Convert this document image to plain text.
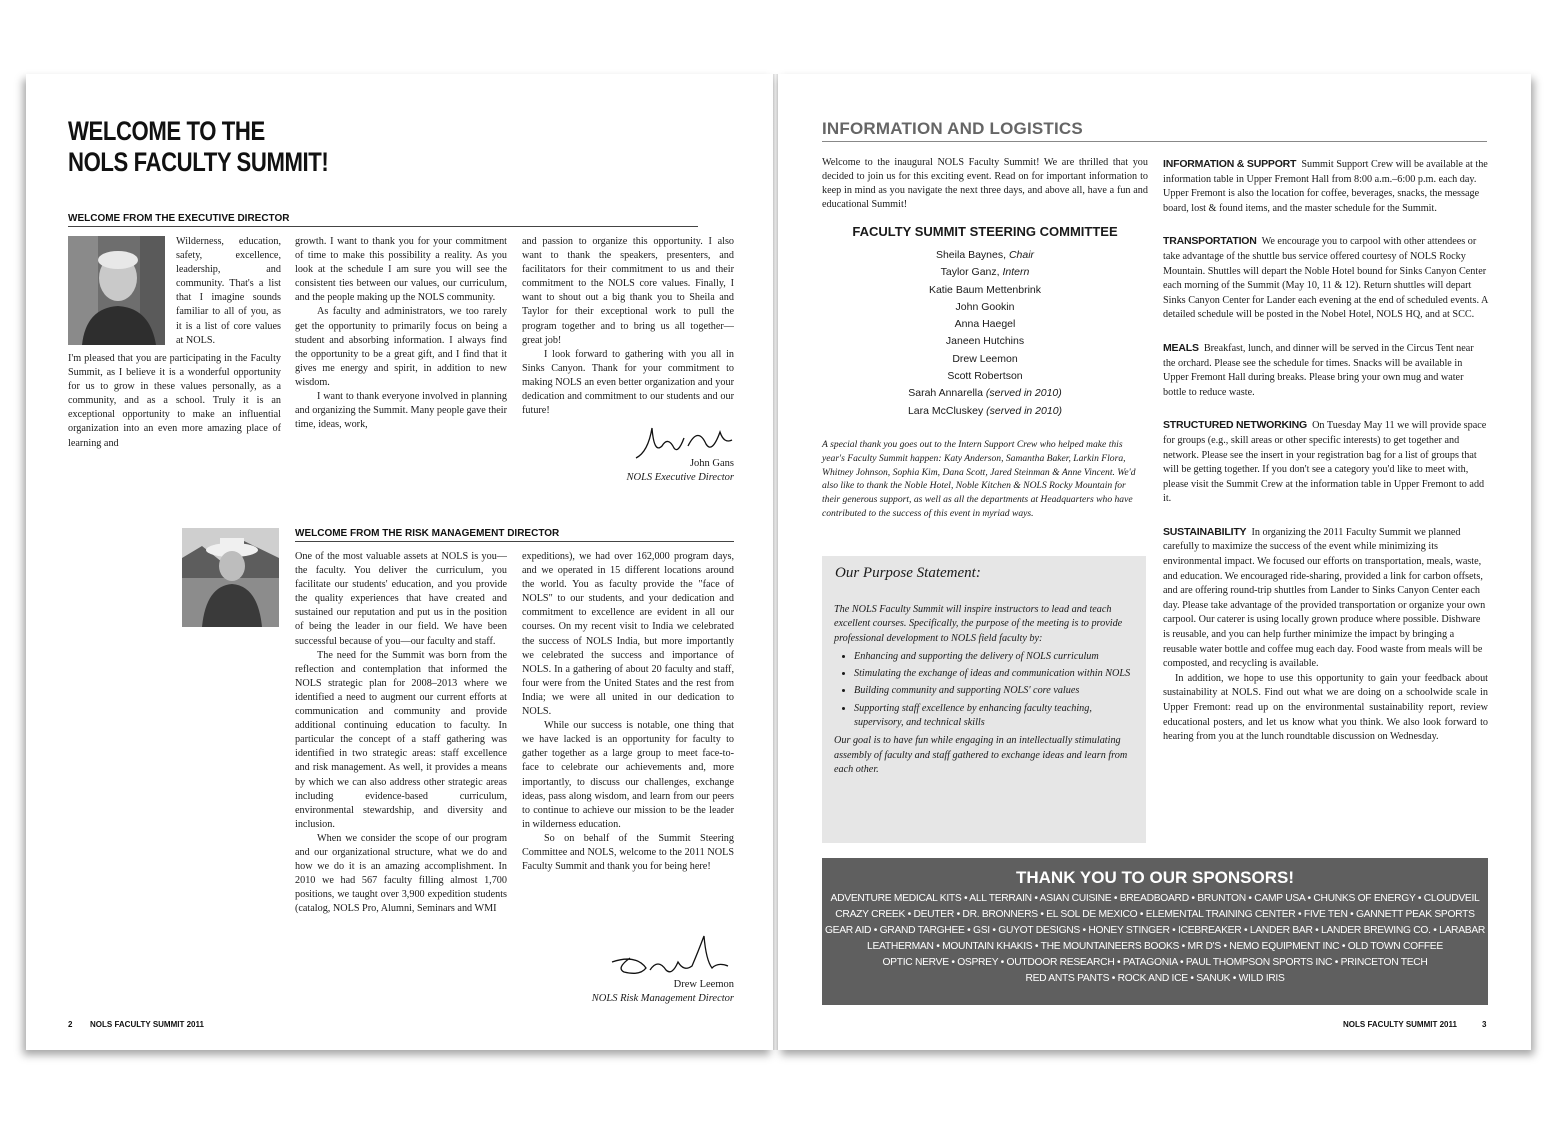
WELCOME TO THE
NOLS FACULTY SUMMIT!
WELCOME FROM THE EXECUTIVE DIRECTOR

Wilderness, education, safety, excellence, leadership, and community. That's a list that I imagine sounds familiar to all of you, as it is a list of core values at NOLS.

I'm pleased that you are participating in the Faculty Summit, as I believe it is a wonderful opportunity for us to grow in these values personally, as a community, and as a school. Truly it is an exceptional opportunity to make an influential organization into an even more amazing place of learning and

growth. I want to thank you for your commitment of time to make this possibility a reality. As you look at the schedule I am sure you will see the consistent ties between our values, our curriculum, and the people making up the NOLS community.

As faculty and administrators, we too rarely get the opportunity to primarily focus on being a student and absorbing information. I always find the opportunity to be a great gift, and I find that it gives me energy and spirit, in addition to new wisdom.

I want to thank everyone involved in planning and organizing the Summit. Many people gave their time, ideas, work,

and passion to organize this opportunity. I also want to thank the speakers, presenters, and facilitators for their commitment to us and their commitment to the NOLS core values. Finally, I want to shout out a big thank you to Sheila and Taylor for their exceptional work to pull the program together and to bring us all together—great job!

I look forward to gathering with you all in Sinks Canyon. Thank for your commitment to making NOLS an even better organization and your dedication and commitment to our students and our future!

John Gans
NOLS Executive Director
WELCOME FROM THE RISK MANAGEMENT DIRECTOR

One of the most valuable assets at NOLS is you—the faculty. You deliver the curriculum, you facilitate our students' education, and you provide the quality experiences that have created and sustained our reputation and put us in the position of being the leader in our field. We have been successful because of you—our faculty and staff.

The need for the Summit was born from the reflection and contemplation that informed the NOLS strategic plan for 2008–2013 where we identified a need to augment our current efforts at communication and community and provide additional continuing education to faculty. In particular the concept of a staff gathering was identified in two strategic areas: staff excellence and risk management. As well, it provides a means by which we can also address other strategic areas including evidence-based curriculum, environmental stewardship, and diversity and inclusion.

When we consider the scope of our program and our organizational structure, what we do and how we do it is an amazing accomplishment. In 2010 we had 567 faculty filling almost 1,700 positions, we taught over 3,900 expedition students (catalog, NOLS Pro, Alumni, Seminars and WMI

expeditions), we had over 162,000 program days, and we operated in 15 different locations around the world. You as faculty provide the "face of NOLS" to our students, and your dedication and commitment to excellence are evident in all our courses. On my recent visit to India we celebrated the success of NOLS India, but more importantly we celebrated the success and importance of NOLS. In a gathering of about 20 faculty and staff, four were from the United States and the rest from India; we were all united in our dedication to NOLS.

While our success is notable, one thing that we have lacked is an opportunity for faculty to gather together as a large group to meet face-to-face to celebrate our achievements and, more importantly, to discuss our challenges, exchange ideas, pass along wisdom, and learn from our peers to continue to achieve our mission to be the leader in wilderness education.

So on behalf of the Summit Steering Committee and NOLS, welcome to the 2011 NOLS Faculty Summit and thank you for being here!

Drew Leemon
NOLS Risk Management Director
2 NOLS FACULTY SUMMIT 2011
INFORMATION AND LOGISTICS

Welcome to the inaugural NOLS Faculty Summit! We are thrilled that you decided to join us for this exciting event. Read on for important information to keep in mind as you navigate the next three days, and above all, have a fun and educational Summit!

FACULTY SUMMIT STEERING COMMITTEE
Sheila Baynes, Chair
Taylor Ganz, Intern
Katie Baum Mettenbrink
John Gookin
Anna Haegel
Janeen Hutchins
Drew Leemon
Scott Robertson
Sarah Annarella (served in 2010)
Lara McCluskey (served in 2010)
A special thank you goes out to the Intern Support Crew who helped make this year's Faculty Summit happen: Katy Anderson, Samantha Baker, Larkin Flora, Whitney Johnson, Sophia Kim, Dana Scott, Jared Steinman & Anne Vincent. We'd also like to thank the Noble Hotel, Noble Kitchen & NOLS Rocky Mountain for their generous support, as well as all the departments at Headquarters who have contributed to the success of this event in myriad ways.
Our Purpose Statement:
The NOLS Faculty Summit will inspire instructors to lead and teach excellent courses. Specifically, the purpose of the meeting is to provide professional development to NOLS field faculty by:
• Enhancing and supporting the delivery of NOLS curriculum
• Stimulating the exchange of ideas and communication within NOLS
• Building community and supporting NOLS' core values
• Supporting staff excellence by enhancing faculty teaching, supervisory, and technical skills
Our goal is to have fun while engaging in an intellectually stimulating assembly of faculty and staff gathered to exchange ideas and learn from each other.

INFORMATION & SUPPORT Summit Support Crew will be available at the information table in Upper Fremont Hall from 8:00 a.m.–6:00 p.m. each day. Upper Fremont is also the location for coffee, beverages, snacks, the message board, lost & found items, and the master schedule for the Summit.

TRANSPORTATION We encourage you to carpool with other attendees or take advantage of the shuttle bus service offered courtesy of NOLS Rocky Mountain. Shuttles will depart the Noble Hotel bound for Sinks Canyon Center each morning of the Summit (May 10, 11 & 12). Return shuttles will depart Sinks Canyon Center for Lander each evening at the end of scheduled events. A detailed schedule will be posted in the Nobel Hotel, NOLS HQ, and at SCC.

MEALS Breakfast, lunch, and dinner will be served in the Circus Tent near the orchard. Please see the schedule for times. Snacks will be available in Upper Fremont Hall during breaks. Please bring your own mug and water bottle to reduce waste.

STRUCTURED NETWORKING On Tuesday May 11 we will provide space for groups (e.g., skill areas or other specific interests) to get together and network. Please see the insert in your registration bag for a list of groups that will be getting together. If you don't see a category you'd like to meet with, please visit the Summit Crew at the information table in Upper Fremont to add it.

SUSTAINABILITY In organizing the 2011 Faculty Summit we planned carefully to maximize the success of the event while minimizing its environmental impact. We focused our efforts on transportation, meals, waste, and education. We encouraged ride-sharing, provided a link for carbon offsets, and are offering round-trip shuttles from Lander to Sinks Canyon Center each day. Please take advantage of the provided transportation or organize your own carpool. Our caterer is using locally grown produce where possible. Dishware is reusable, and you can help further minimize the impact by bringing a reusable water bottle and coffee mug each day. Food waste from meals will be composted, and recycling is available.

In addition, we hope to use this opportunity to gain your feedback about sustainability at NOLS. Find out what we are doing on a schoolwide scale in Upper Fremont: read up on the environmental sustainability report, review educational posters, and let us know what you think. We also look forward to hearing from you at the lunch roundtable discussion on Wednesday.

THANK YOU TO OUR SPONSORS!
ADVENTURE MEDICAL KITS • ALL TERRAIN • ASIAN CUISINE • BREADBOARD • BRUNTON • CAMP USA • CHUNKS OF ENERGY • CLOUDVEIL
CRAZY CREEK • DEUTER • DR. BRONNERS • EL SOL DE MEXICO • ELEMENTAL TRAINING CENTER • FIVE TEN • GANNETT PEAK SPORTS
GEAR AID • GRAND TARGHEE • GSI • GUYOT DESIGNS • HONEY STINGER • ICEBREAKER • LANDER BAR • LANDER BREWING CO. • LARABAR
LEATHERMAN • MOUNTAIN KHAKIS • THE MOUNTAINEERS BOOKS • MR D'S • NEMO EQUIPMENT INC • OLD TOWN COFFEE
OPTIC NERVE • OSPREY • OUTDOOR RESEARCH • PATAGONIA • PAUL THOMPSON SPORTS INC • PRINCETON TECH
RED ANTS PANTS • ROCK AND ICE • SANUK • WILD IRIS
NOLS FACULTY SUMMIT 2011	3
